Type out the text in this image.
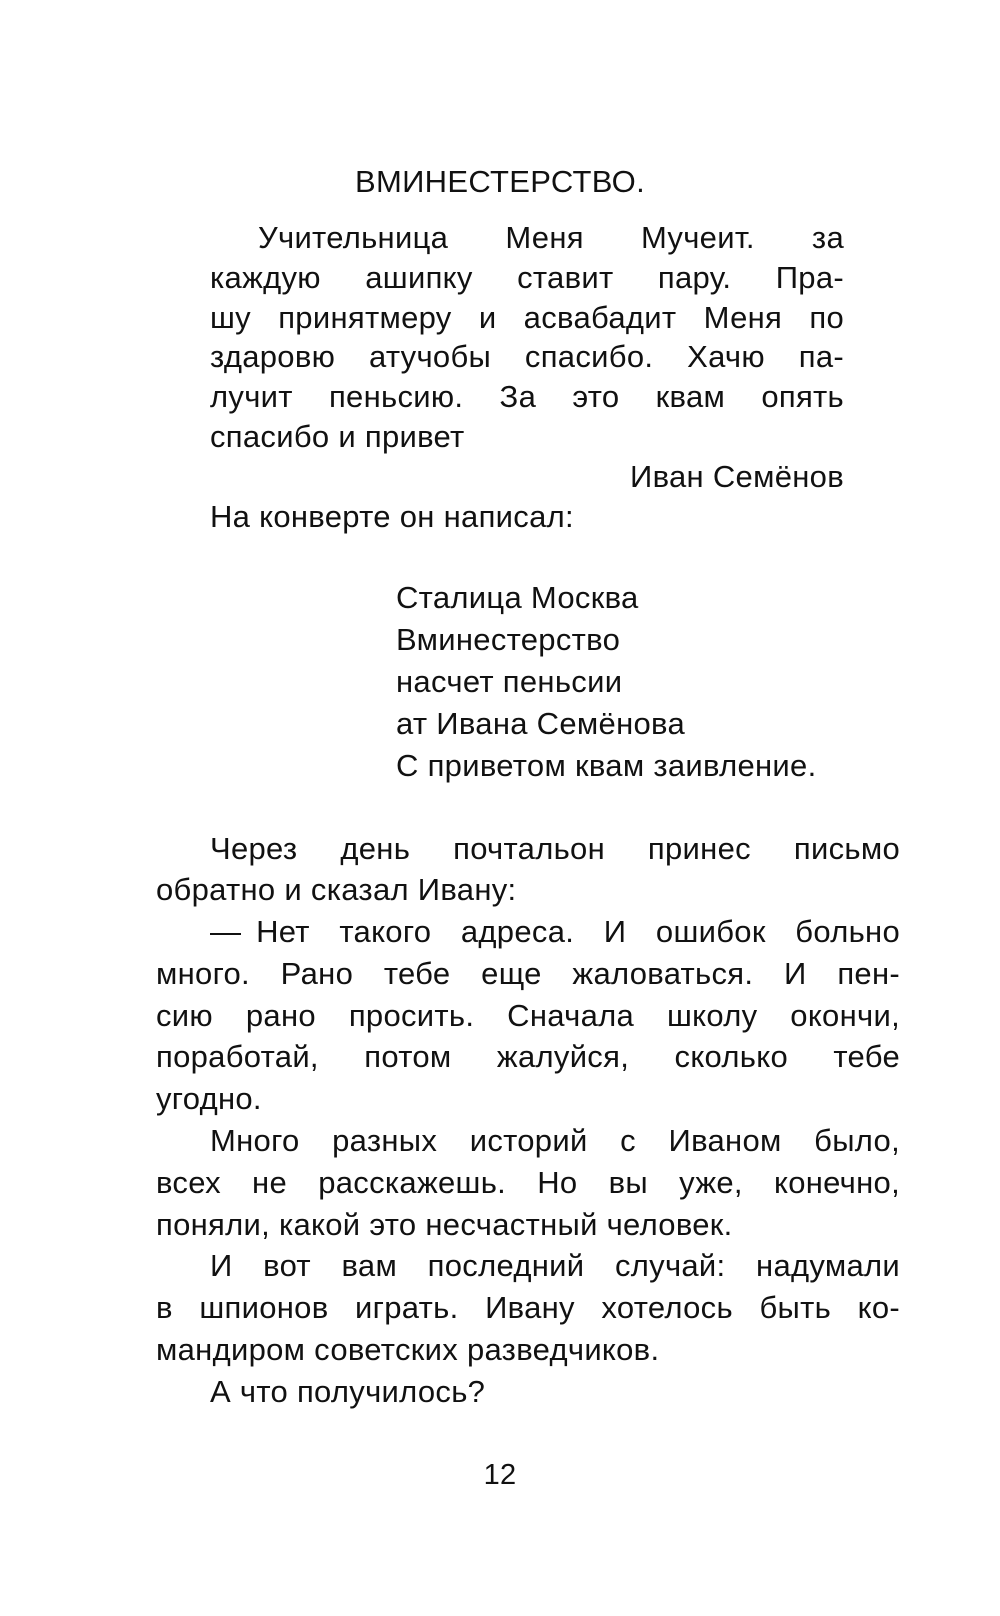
ВМИНЕСТЕРСТВО.
Учительница  Меня  Мучеит.  за
каждую  ашипку  ставит  пару.  Пра-
шу принятмеру и асвабадит Меня по
здаровю  атучобы  спасибо.  Хачю  па-
лучит  пеньсию.  За  это  квам  опять
спасибо и привет
Иван Семёнов
На конверте он написал:
Сталица Москва
Вминестерство
насчет пеньсии
ат Ивана Семёнова
С приветом квам заивление.
Через  день  почтальон  принес  письмо
обратно и сказал Ивану:
— Нет  такого  адреса.  И  ошибок  больно
много.  Рано  тебе  еще  жаловаться.  И  пен-
сию  рано  просить.  Сначала  школу  окончи,
поработай,  потом  жалуйся,  сколько  тебе
угодно.
Много  разных  историй  с  Иваном  было,
всех  не  расскажешь.  Но  вы  уже,  конечно,
поняли, какой это несчастный человек.
И  вот  вам  последний  случай:  надумали
в шпионов играть. Ивану хотелось быть ко-
мандиром советских разведчиков.
А что получилось?
12
